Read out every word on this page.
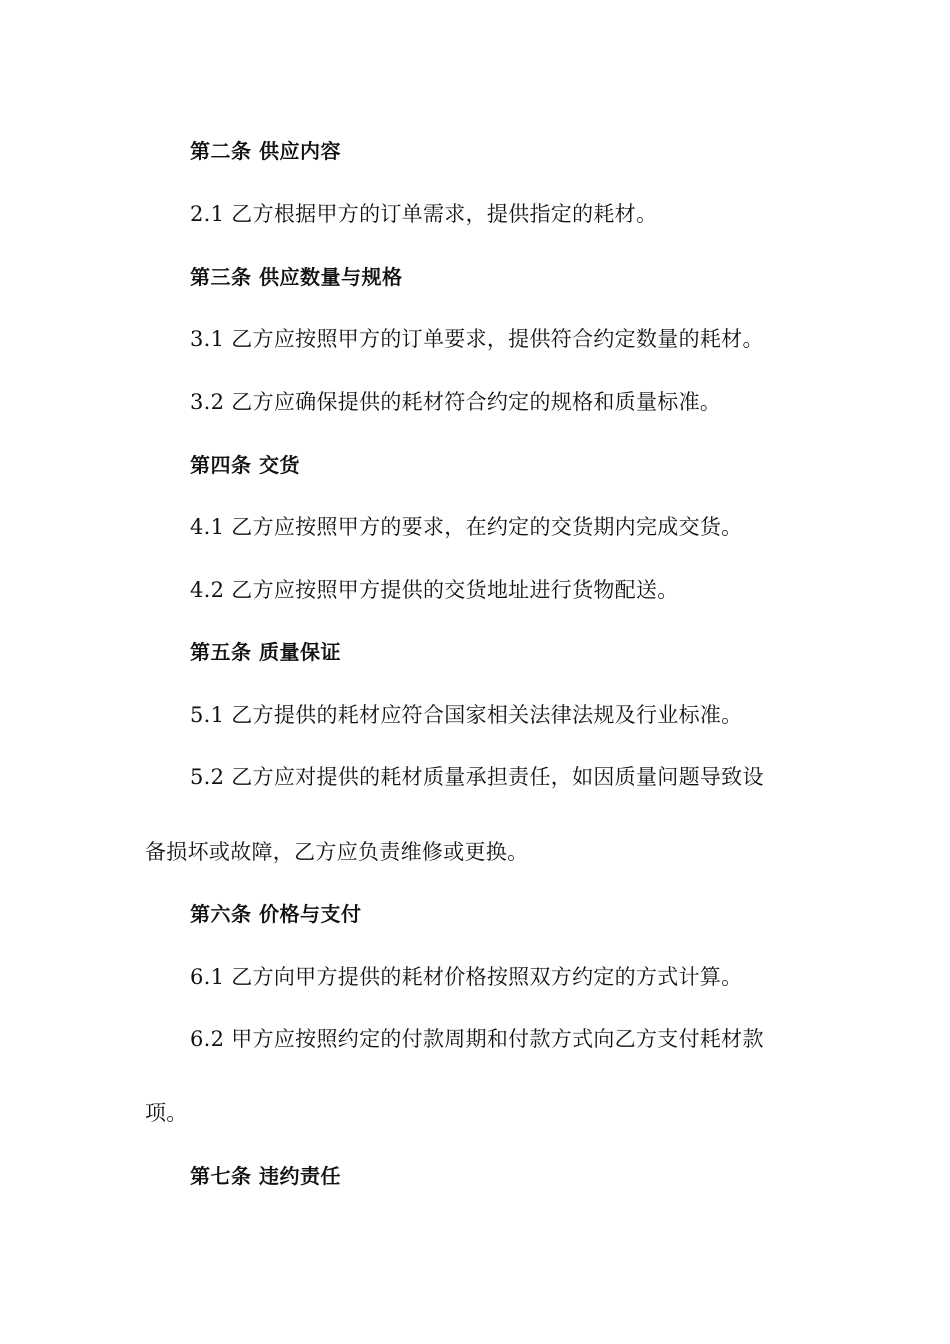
第二条 供应内容
2.1 乙方根据甲方的订单需求，提供指定的耗材。
第三条 供应数量与规格
3.1 乙方应按照甲方的订单要求，提供符合约定数量的耗材。
3.2 乙方应确保提供的耗材符合约定的规格和质量标准。
第四条 交货
4.1 乙方应按照甲方的要求，在约定的交货期内完成交货。
4.2 乙方应按照甲方提供的交货地址进行货物配送。
第五条 质量保证
5.1 乙方提供的耗材应符合国家相关法律法规及行业标准。
5.2 乙方应对提供的耗材质量承担责任，如因质量问题导致设
备损坏或故障，乙方应负责维修或更换。
第六条 价格与支付
6.1 乙方向甲方提供的耗材价格按照双方约定的方式计算。
6.2 甲方应按照约定的付款周期和付款方式向乙方支付耗材款
项。
第七条 违约责任
